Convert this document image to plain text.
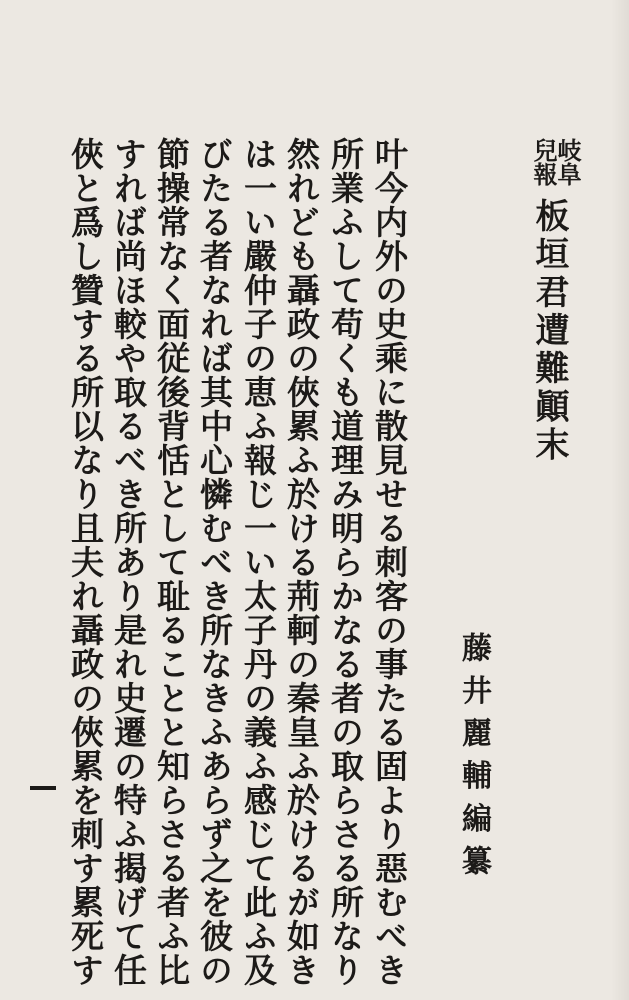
岐阜
兒報
板垣君遭難顚末
藤井麗輔編纂
叶今内外の史乘に散見せる刺客の事たる固より惡むべき
所業ふして苟くも道理み明らかなる者の取らさる所なり
然れども聶政の俠累ふ於ける荊軻の秦皇ふ於けるが如き
は一い嚴仲子の恵ふ報じ一い太子丹の義ふ感じて此ふ及
びたる者なれば其中心憐むべき所なきふあらず之を彼の
節操常なく面従後背恬として耻ることと知らさる者ふ比
すれば尚ほ較や取るべき所あり是れ史遷の特ふ揭げて任
俠と爲し贊する所以なり且夫れ聶政の俠累を刺す累死す
